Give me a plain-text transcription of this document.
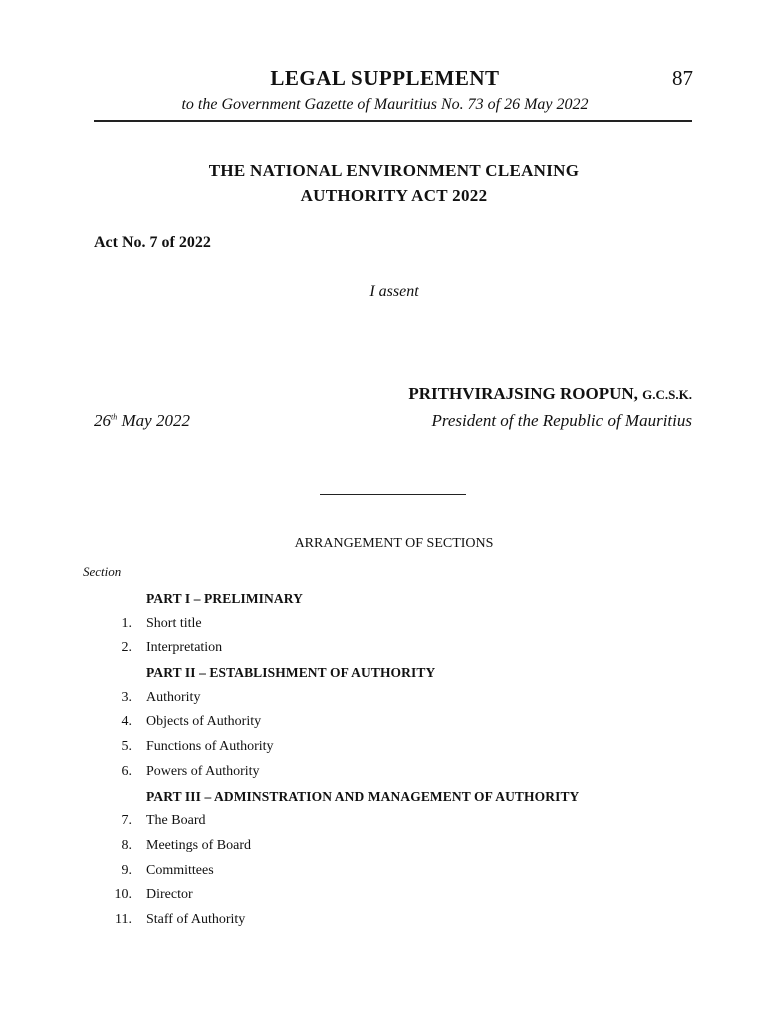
LEGAL SUPPLEMENT	87
to the Government Gazette of Mauritius No. 73 of 26 May 2022
THE NATIONAL ENVIRONMENT CLEANING
AUTHORITY ACT 2022
Act No. 7 of 2022
I assent
PRITHVIRAJSING ROOPUN, G.C.S.K.
President of the Republic of Mauritius
26th May 2022
ARRANGEMENT OF SECTIONS
Section
PART I – PRELIMINARY
1. Short title
2. Interpretation
PART II – ESTABLISHMENT OF AUTHORITY
3. Authority
4. Objects of Authority
5. Functions of Authority
6. Powers of Authority
PART III – ADMINSTRATION AND MANAGEMENT OF AUTHORITY
7. The Board
8. Meetings of Board
9. Committees
10. Director
11. Staff of Authority
